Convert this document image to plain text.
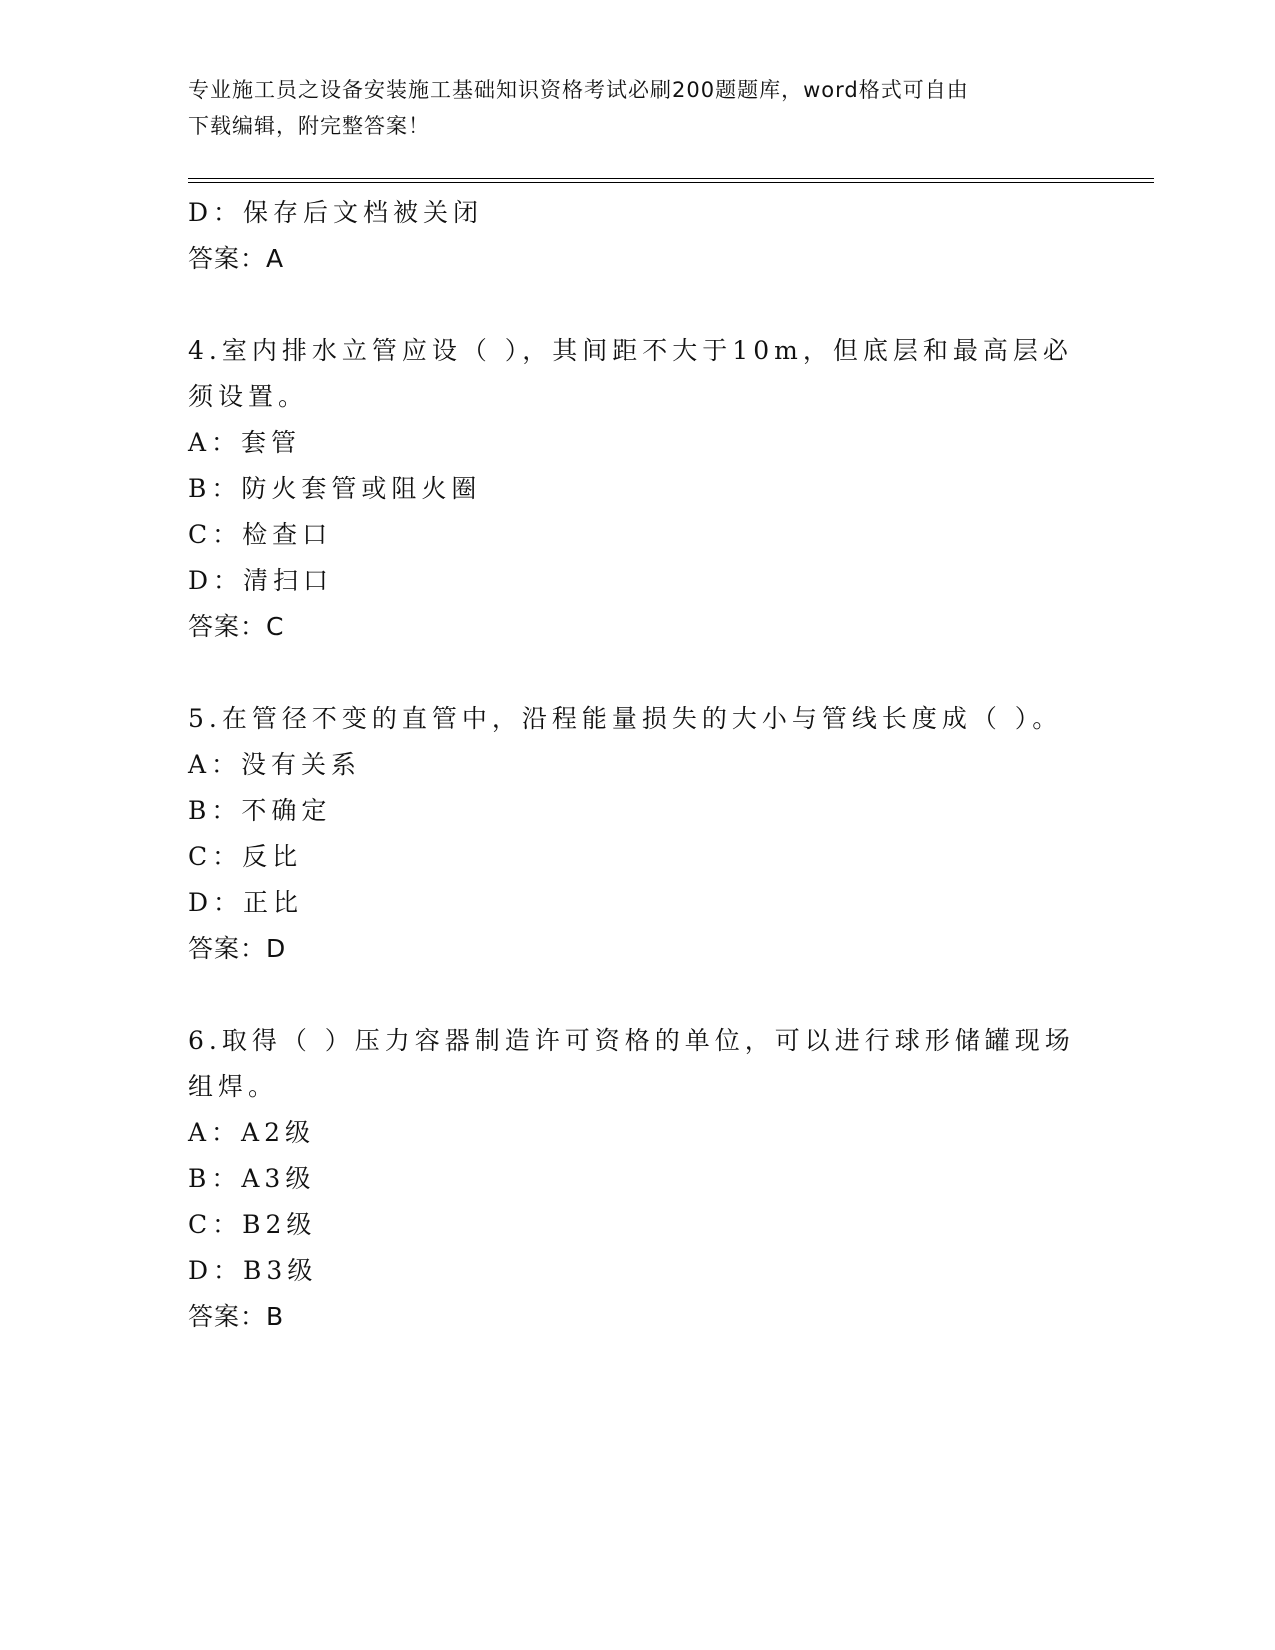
专业施工员之设备安装施工基础知识资格考试必刷200题题库，word格式可自由
下载编辑，附完整答案！
D：保存后文档被关闭
答案：A
4.室内排水立管应设（ ），其间距不大于10m，但底层和最高层必须设置。
A：套管
B：防火套管或阻火圈
C：检查口
D：清扫口
答案：C
5.在管径不变的直管中，沿程能量损失的大小与管线长度成（ ）。
A：没有关系
B：不确定
C：反比
D：正比
答案：D
6.取得（ ）压力容器制造许可资格的单位，可以进行球形储罐现场组焊。
A：A2级
B：A3级
C：B2级
D：B3级
答案：B
